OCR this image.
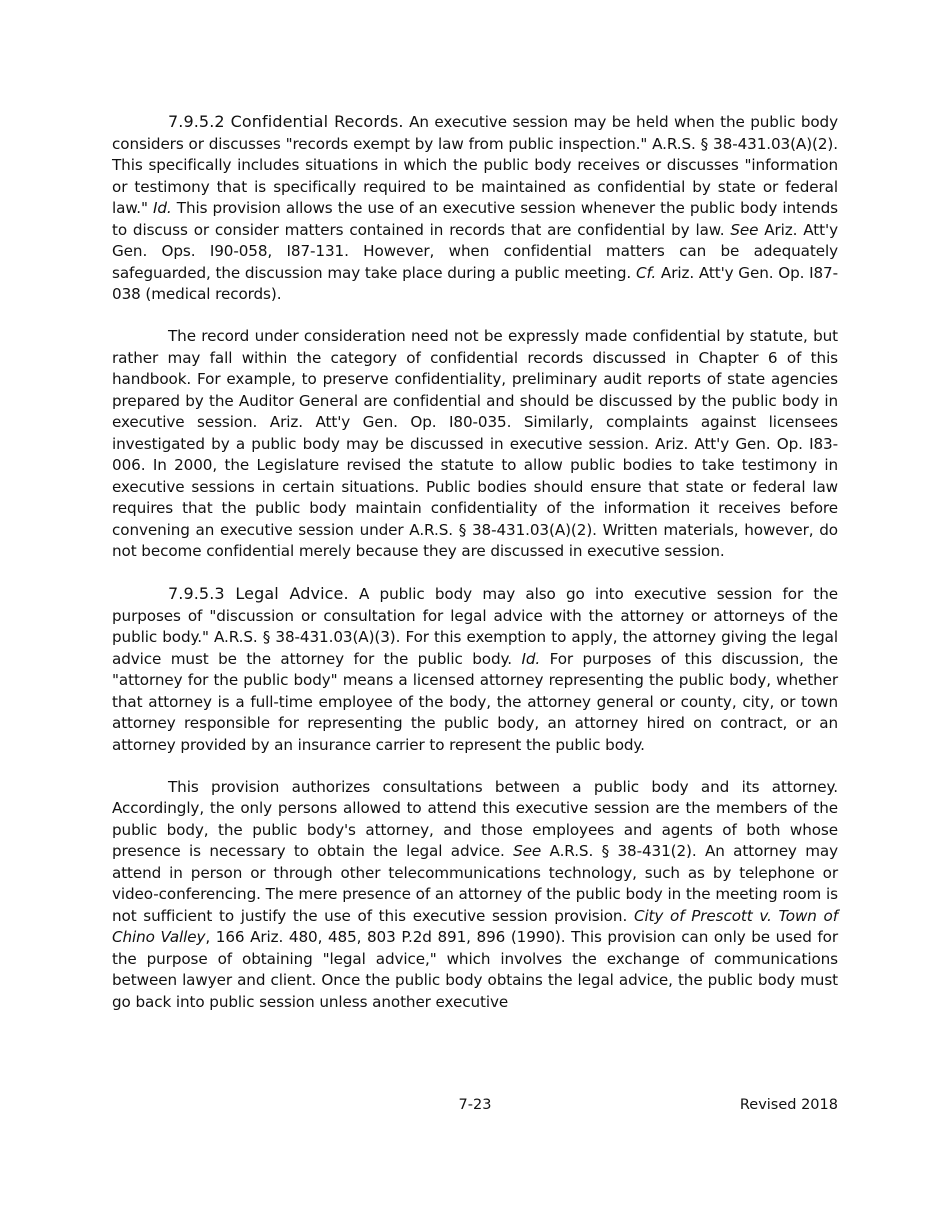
7.9.5.2 Confidential Records. An executive session may be held when the public body considers or discusses "records exempt by law from public inspection." A.R.S. § 38-431.03(A)(2). This specifically includes situations in which the public body receives or discusses "information or testimony that is specifically required to be maintained as confidential by state or federal law." Id. This provision allows the use of an executive session whenever the public body intends to discuss or consider matters contained in records that are confidential by law. See Ariz. Att'y Gen. Ops. I90-058, I87-131. However, when confidential matters can be adequately safeguarded, the discussion may take place during a public meeting. Cf. Ariz. Att'y Gen. Op. I87-038 (medical records).

The record under consideration need not be expressly made confidential by statute, but rather may fall within the category of confidential records discussed in Chapter 6 of this handbook. For example, to preserve confidentiality, preliminary audit reports of state agencies prepared by the Auditor General are confidential and should be discussed by the public body in executive session. Ariz. Att'y Gen. Op. I80-035. Similarly, complaints against licensees investigated by a public body may be discussed in executive session. Ariz. Att'y Gen. Op. I83-006. In 2000, the Legislature revised the statute to allow public bodies to take testimony in executive sessions in certain situations. Public bodies should ensure that state or federal law requires that the public body maintain confidentiality of the information it receives before convening an executive session under A.R.S. § 38-431.03(A)(2). Written materials, however, do not become confidential merely because they are discussed in executive session.

7.9.5.3 Legal Advice. A public body may also go into executive session for the purposes of "discussion or consultation for legal advice with the attorney or attorneys of the public body." A.R.S. § 38-431.03(A)(3). For this exemption to apply, the attorney giving the legal advice must be the attorney for the public body. Id. For purposes of this discussion, the "attorney for the public body" means a licensed attorney representing the public body, whether that attorney is a full-time employee of the body, the attorney general or county, city, or town attorney responsible for representing the public body, an attorney hired on contract, or an attorney provided by an insurance carrier to represent the public body.

This provision authorizes consultations between a public body and its attorney. Accordingly, the only persons allowed to attend this executive session are the members of the public body, the public body's attorney, and those employees and agents of both whose presence is necessary to obtain the legal advice. See A.R.S. § 38-431(2). An attorney may attend in person or through other telecommunications technology, such as by telephone or video-conferencing. The mere presence of an attorney of the public body in the meeting room is not sufficient to justify the use of this executive session provision. City of Prescott v. Town of Chino Valley, 166 Ariz. 480, 485, 803 P.2d 891, 896 (1990). This provision can only be used for the purpose of obtaining "legal advice," which involves the exchange of communications between lawyer and client. Once the public body obtains the legal advice, the public body must go back into public session unless another executive

7-23	Revised 2018
